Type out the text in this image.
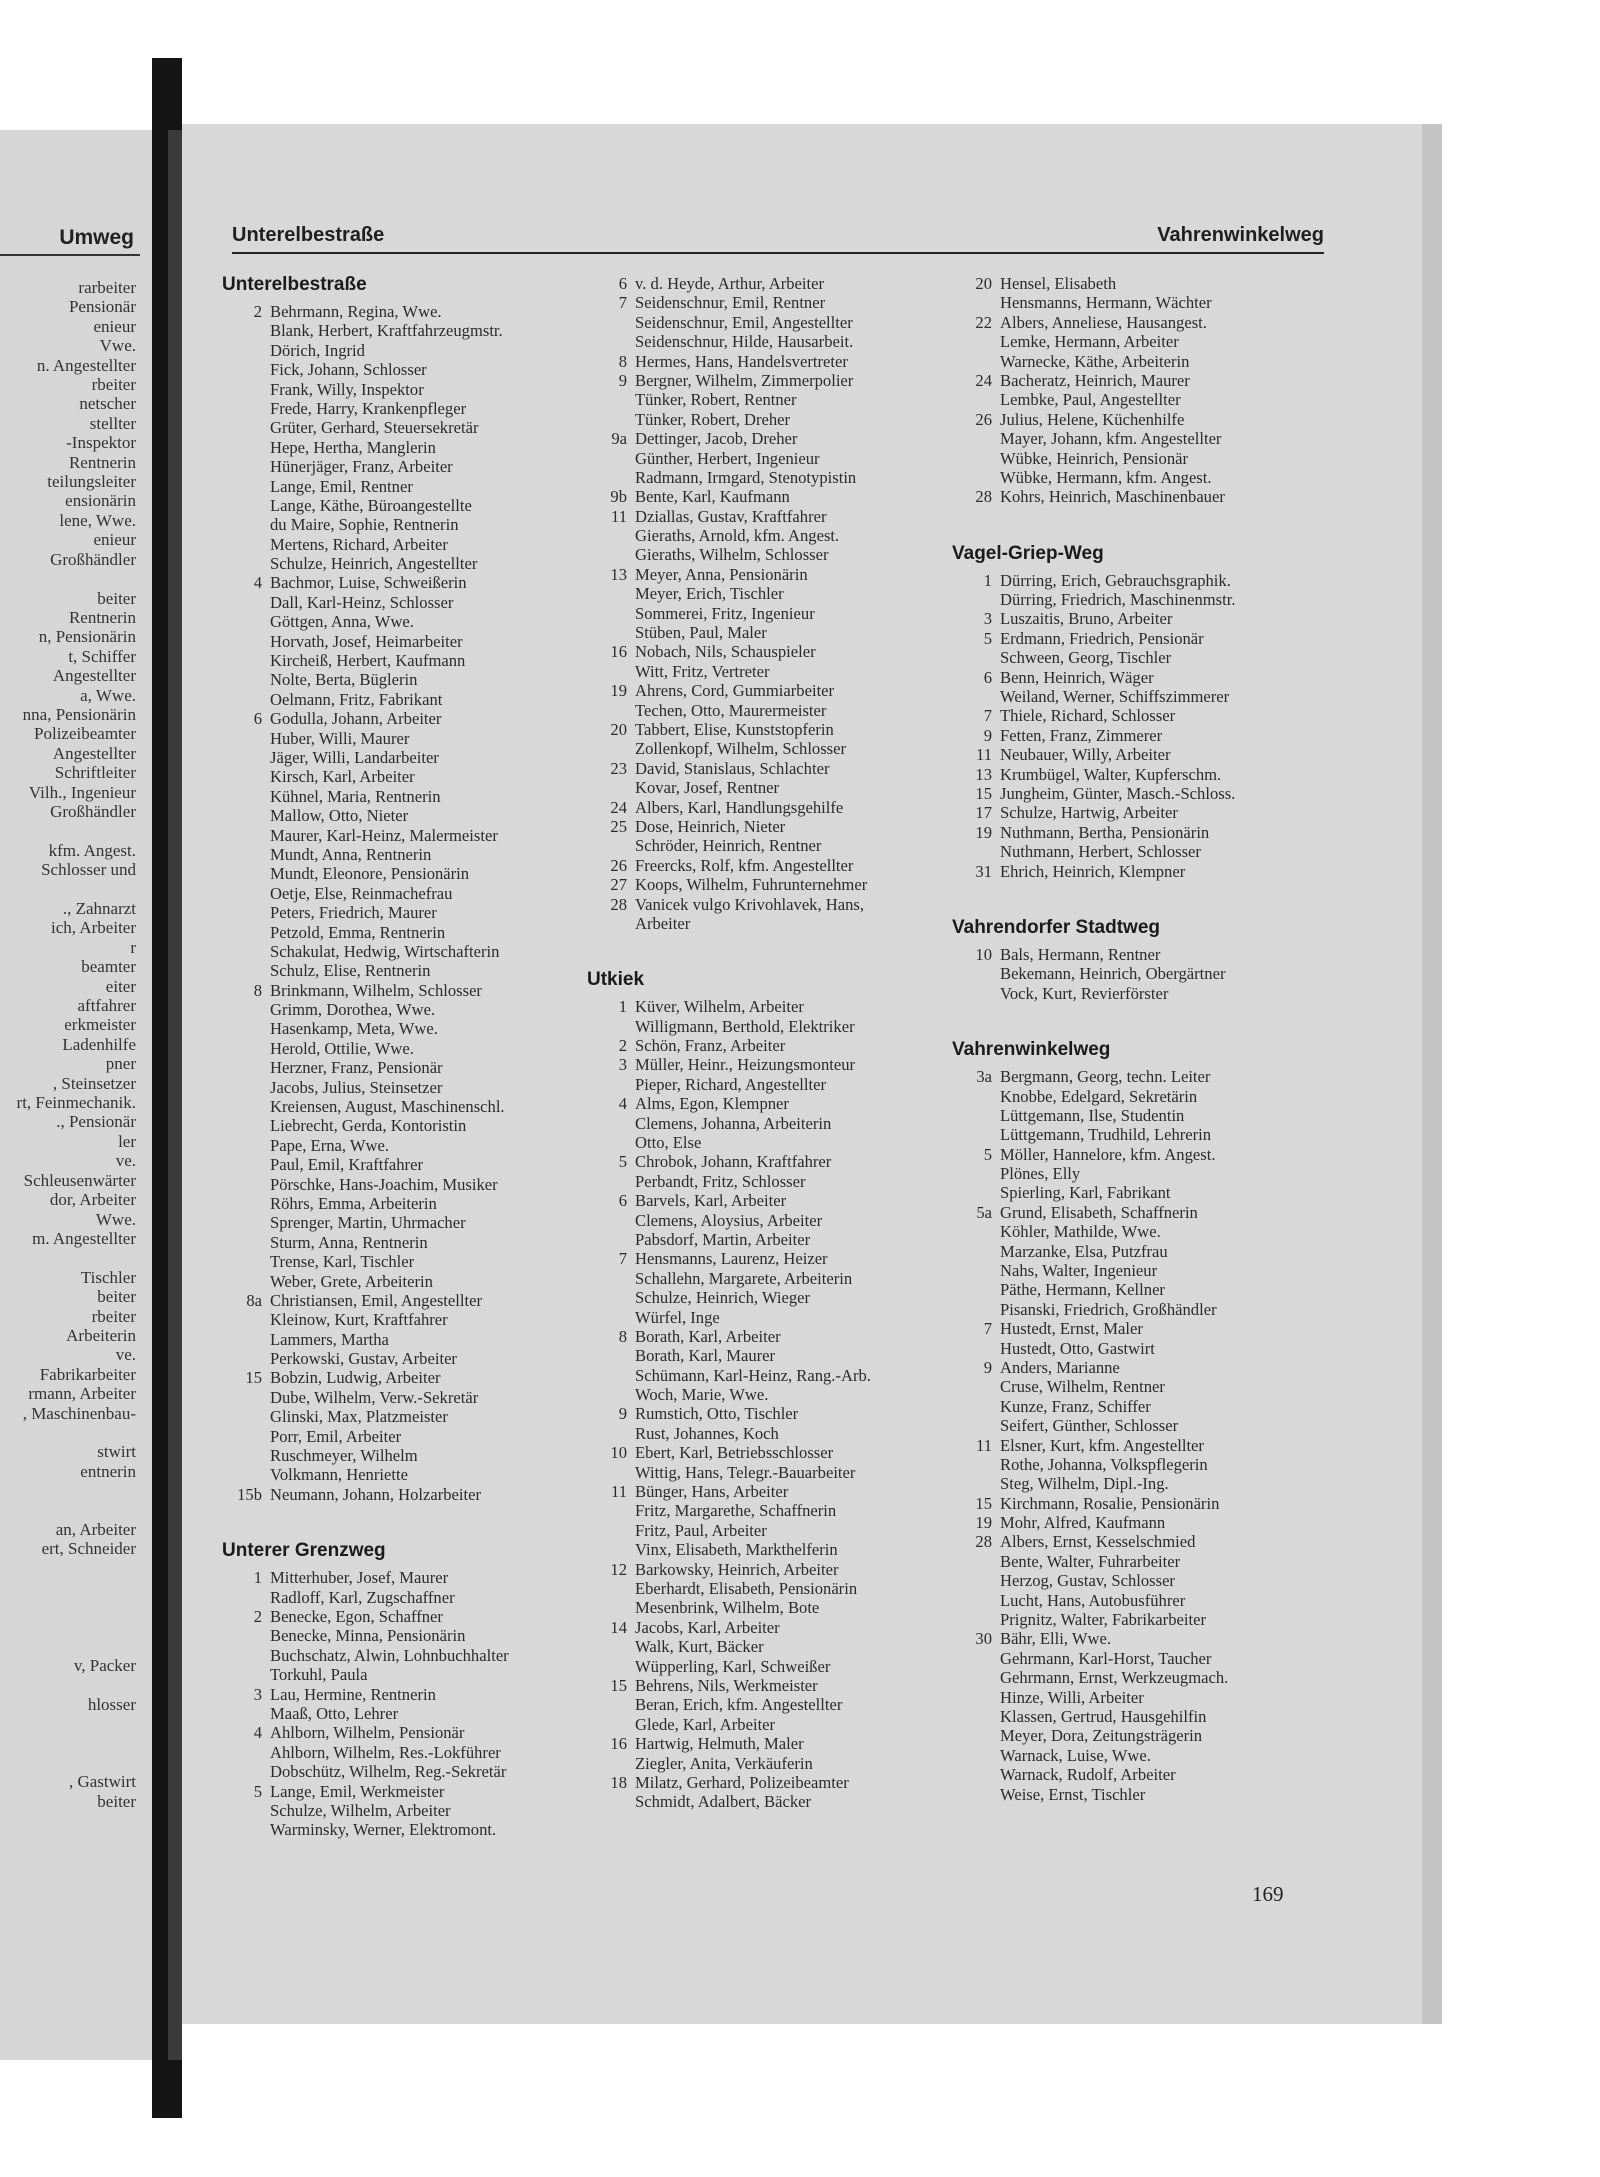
Umweg
rarbeiter
Pensionär
enieur
Vwe.
n. Angestellter
rbeiter
netscher
stellter
-Inspektor
Rentnerin
teilungsleiter
ensionärin
lene, Wwe.
enieur
Großhändler

beiter
Rentnerin
n, Pensionärin
t, Schiffer
Angestellter
a, Wwe.
nna, Pensionärin
Polizeibeamter
Angestellter
Schriftleiter
Vilh., Ingenieur
Großhändler

kfm. Angest.
Schlosser und

., Zahnarzt
ich, Arbeiter
r
beamter
eiter
aftfahrer
erkmeister
Ladenhilfe
pner
, Steinsetzer
rt, Feinmechanik.
., Pensionär
ler
ve.
Schleusenwärter
dor, Arbeiter
Wwe.
m. Angestellter

Tischler
beiter
rbeiter
Arbeiterin
ve.
Fabrikarbeiter
rmann, Arbeiter
, Maschinenbau-

stwirt
entnerin

an, Arbeiter
ert, Schneider

v, Packer

hlosser

, Gastwirt
beiter
Unterelbestraße	Vahrenwinkelweg
Unterelbestraße
2 Behrmann, Regina, Wwe.
Blank, Herbert, Kraftfahrzeugmstr.
Dörich, Ingrid
Fick, Johann, Schlosser
Frank, Willy, Inspektor
Frede, Harry, Krankenpfleger
Grüter, Gerhard, Steuersekretär
Hepe, Hertha, Manglerin
Hünerjäger, Franz, Arbeiter
Lange, Emil, Rentner
Lange, Käthe, Büroangestellte
du Maire, Sophie, Rentnerin
Mertens, Richard, Arbeiter
Schulze, Heinrich, Angestellter
4 Bachmor, Luise, Schweißerin
Dall, Karl-Heinz, Schlosser
Göttgen, Anna, Wwe.
Horvath, Josef, Heimarbeiter
Kircheiß, Herbert, Kaufmann
Nolte, Berta, Büglerin
Oelmann, Fritz, Fabrikant
6 Godulla, Johann, Arbeiter
Huber, Willi, Maurer
Jäger, Willi, Landarbeiter
Kirsch, Karl, Arbeiter
Kühnel, Maria, Rentnerin
Mallow, Otto, Nieter
Maurer, Karl-Heinz, Malermeister
Mundt, Anna, Rentnerin
Mundt, Eleonore, Pensionärin
Oetje, Else, Reinmachefrau
Peters, Friedrich, Maurer
Petzold, Emma, Rentnerin
Schakulat, Hedwig, Wirtschafterin
Schulz, Elise, Rentnerin
8 Brinkmann, Wilhelm, Schlosser
Grimm, Dorothea, Wwe.
Hasenkamp, Meta, Wwe.
Herold, Ottilie, Wwe.
Herzner, Franz, Pensionär
Jacobs, Julius, Steinsetzer
Kreiensen, August, Maschinenschl.
Liebrecht, Gerda, Kontoristin
Pape, Erna, Wwe.
Paul, Emil, Kraftfahrer
Pörschke, Hans-Joachim, Musiker
Röhrs, Emma, Arbeiterin
Sprenger, Martin, Uhrmacher
Sturm, Anna, Rentnerin
Trense, Karl, Tischler
Weber, Grete, Arbeiterin
8a Christiansen, Emil, Angestellter
Kleinow, Kurt, Kraftfahrer
Lammers, Martha
Perkowski, Gustav, Arbeiter
15 Bobzin, Ludwig, Arbeiter
Dube, Wilhelm, Verw.-Sekretär
Glinski, Max, Platzmeister
Porr, Emil, Arbeiter
Ruschmeyer, Wilhelm
Volkmann, Henriette
15b Neumann, Johann, Holzarbeiter
Unterer Grenzweg
1 Mitterhuber, Josef, Maurer
Radloff, Karl, Zugschaffner
2 Benecke, Egon, Schaffner
Benecke, Minna, Pensionärin
Buchschatz, Alwin, Lohnbuchhalter
Torkuhl, Paula
3 Lau, Hermine, Rentnerin
Maaß, Otto, Lehrer
4 Ahlborn, Wilhelm, Pensionär
Ahlborn, Wilhelm, Res.-Lokführer
Dobschütz, Wilhelm, Reg.-Sekretär
5 Lange, Emil, Werkmeister
Schulze, Wilhelm, Arbeiter
Warminsky, Werner, Elektromont.
6 v. d. Heyde, Arthur, Arbeiter
7 Seidenschnur, Emil, Rentner
Seidenschnur, Emil, Angestellter
Seidenschnur, Hilde, Hausarbeit.
8 Hermes, Hans, Handelsvertreter
9 Bergner, Wilhelm, Zimmerpolier
Tünker, Robert, Rentner
Tünker, Robert, Dreher
9a Dettinger, Jacob, Dreher
Günther, Herbert, Ingenieur
Radmann, Irmgard, Stenotypistin
9b Bente, Karl, Kaufmann
11 Dziallas, Gustav, Kraftfahrer
Gieraths, Arnold, kfm. Angest.
Gieraths, Wilhelm, Schlosser
13 Meyer, Anna, Pensionärin
Meyer, Erich, Tischler
Sommerei, Fritz, Ingenieur
Stüben, Paul, Maler
16 Nobach, Nils, Schauspieler
Witt, Fritz, Vertreter
19 Ahrens, Cord, Gummiarbeiter
Techen, Otto, Maurermeister
20 Tabbert, Elise, Kunststopferin
Zollenkopf, Wilhelm, Schlosser
23 David, Stanislaus, Schlachter
Kovar, Josef, Rentner
24 Albers, Karl, Handlungsgehilfe
25 Dose, Heinrich, Nieter
Schröder, Heinrich, Rentner
26 Freercks, Rolf, kfm. Angestellter
27 Koops, Wilhelm, Fuhrunternehmer
28 Vanicek vulgo Krivohlavek, Hans,
Arbeiter
Utkiek
1 Küver, Wilhelm, Arbeiter
Willigmann, Berthold, Elektriker
2 Schön, Franz, Arbeiter
3 Müller, Heinr., Heizungsmonteur
Pieper, Richard, Angestellter
4 Alms, Egon, Klempner
Clemens, Johanna, Arbeiterin
Otto, Else
5 Chrobok, Johann, Kraftfahrer
Perbandt, Fritz, Schlosser
6 Barvels, Karl, Arbeiter
Clemens, Aloysius, Arbeiter
Pabsdorf, Martin, Arbeiter
7 Hensmanns, Laurenz, Heizer
Schallehn, Margarete, Arbeiterin
Schulze, Heinrich, Wieger
Würfel, Inge
8 Borath, Karl, Arbeiter
Borath, Karl, Maurer
Schümann, Karl-Heinz, Rang.-Arb.
Woch, Marie, Wwe.
9 Rumstich, Otto, Tischler
Rust, Johannes, Koch
10 Ebert, Karl, Betriebsschlosser
Wittig, Hans, Telegr.-Bauarbeiter
11 Bünger, Hans, Arbeiter
Fritz, Margarethe, Schaffnerin
Fritz, Paul, Arbeiter
Vinx, Elisabeth, Markthelferin
12 Barkowsky, Heinrich, Arbeiter
Eberhardt, Elisabeth, Pensionärin
Mesenbrink, Wilhelm, Bote
14 Jacobs, Karl, Arbeiter
Walk, Kurt, Bäcker
Wüpperling, Karl, Schweißer
15 Behrens, Nils, Werkmeister
Beran, Erich, kfm. Angestellter
Glede, Karl, Arbeiter
16 Hartwig, Helmuth, Maler
Ziegler, Anita, Verkäuferin
18 Milatz, Gerhard, Polizeibeamter
Schmidt, Adalbert, Bäcker
20 Hensel, Elisabeth
Hensmanns, Hermann, Wächter
22 Albers, Anneliese, Hausangest.
Lemke, Hermann, Arbeiter
Warnecke, Käthe, Arbeiterin
24 Bacheratz, Heinrich, Maurer
Lembke, Paul, Angestellter
26 Julius, Helene, Küchenhilfe
Mayer, Johann, kfm. Angestellter
Wübke, Heinrich, Pensionär
Wübke, Hermann, kfm. Angest.
28 Kohrs, Heinrich, Maschinenbauer
Vagel-Griep-Weg
1 Dürring, Erich, Gebrauchsgraphik.
Dürring, Friedrich, Maschinenmstr.
3 Luszaitis, Bruno, Arbeiter
5 Erdmann, Friedrich, Pensionär
Schween, Georg, Tischler
6 Benn, Heinrich, Wäger
Weiland, Werner, Schiffszimmerer
7 Thiele, Richard, Schlosser
9 Fetten, Franz, Zimmerer
11 Neubauer, Willy, Arbeiter
13 Krumbügel, Walter, Kupferschm.
15 Jungheim, Günter, Masch.-Schloss.
17 Schulze, Hartwig, Arbeiter
19 Nuthmann, Bertha, Pensionärin
Nuthmann, Herbert, Schlosser
31 Ehrich, Heinrich, Klempner
Vahrendorfer Stadtweg
10 Bals, Hermann, Rentner
Bekemann, Heinrich, Obergärtner
Vock, Kurt, Revierförster
Vahrenwinkelweg
3a Bergmann, Georg, techn. Leiter
Knobbe, Edelgard, Sekretärin
Lüttgemann, Ilse, Studentin
Lüttgemann, Trudhild, Lehrerin
5 Möller, Hannelore, kfm. Angest.
Plönes, Elly
Spierling, Karl, Fabrikant
5a Grund, Elisabeth, Schaffnerin
Köhler, Mathilde, Wwe.
Marzanke, Elsa, Putzfrau
Nahs, Walter, Ingenieur
Päthe, Hermann, Kellner
Pisanski, Friedrich, Großhändler
7 Hustedt, Ernst, Maler
Hustedt, Otto, Gastwirt
9 Anders, Marianne
Cruse, Wilhelm, Rentner
Kunze, Franz, Schiffer
Seifert, Günther, Schlosser
11 Elsner, Kurt, kfm. Angestellter
Rothe, Johanna, Volkspflegerin
Steg, Wilhelm, Dipl.-Ing.
15 Kirchmann, Rosalie, Pensionärin
19 Mohr, Alfred, Kaufmann
28 Albers, Ernst, Kesselschmied
Bente, Walter, Fuhrarbeiter
Herzog, Gustav, Schlosser
Lucht, Hans, Autobusführer
Prignitz, Walter, Fabrikarbeiter
30 Bähr, Elli, Wwe.
Gehrmann, Karl-Horst, Taucher
Gehrmann, Ernst, Werkzeugmach.
Hinze, Willi, Arbeiter
Klassen, Gertrud, Hausgehilfin
Meyer, Dora, Zeitungsträgerin
Warnack, Luise, Wwe.
Warnack, Rudolf, Arbeiter
Weise, Ernst, Tischler
169
